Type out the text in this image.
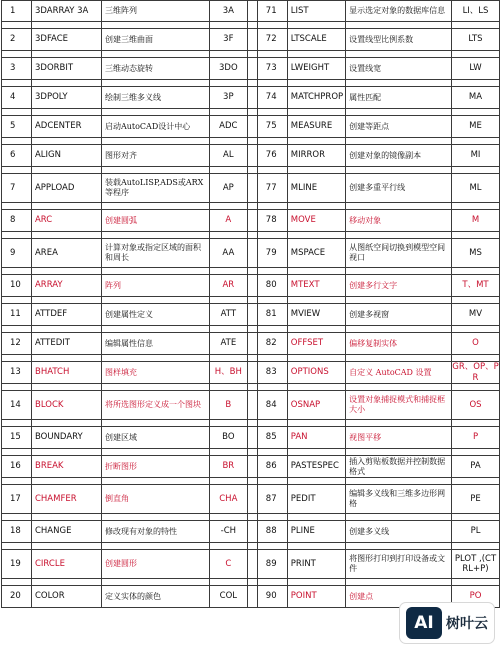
1	3DARRAY 3A	三维阵列	3A		71	LIST	显示选定对象的数据库信息	LI、LS

2	3DFACE	创建三维曲面	3F		72	LTSCALE	设置线型比例系数	LTS

3	3DORBIT	三维动态旋转	3DO		73	LWEIGHT	设置线宽	LW

4	3DPOLY	绘制三维多义线	3P		74	MATCHPROP	属性匹配	MA

5	ADCENTER	启动AutoCAD设计中心	ADC		75	MEASURE	创建等距点	ME

6	ALIGN	图形对齐	AL		76	MIRROR	创建对象的镜像副本	MI

7	APPLOAD	装载AutoLISP,ADS或ARX等程序	AP		77	MLINE	创建多重平行线	ML

8	ARC	创建圆弧	A		78	MOVE	移动对象	M

9	AREA	计算对象或指定区域的面积和周长	AA		79	MSPACE	从图纸空间切换到模型空间视口	MS

10	ARRAY	阵列	AR		80	MTEXT	创建多行文字	T、MT

11	ATTDEF	创建属性定义	ATT		81	MVIEW	创建多视窗	MV

12	ATTEDIT	编辑属性信息	ATE		82	OFFSET	偏移复制实体	O

13	BHATCH	图样填充	H、BH		83	OPTIONS	自定义 AutoCAD 设置	GR、OP、PR

14	BLOCK	将所选图形定义成一个图块	B		84	OSNAP	设置对象捕捉模式和捕捉框大小	OS

15	BOUNDARY	创建区域	BO		85	PAN	视图平移	P

16	BREAK	折断图形	BR		86	PASTESPEC	插入剪贴板数据并控制数据格式	PA

17	CHAMFER	倒直角	CHA		87	PEDIT	编辑多义线和三维多边形网格	PE

18	CHANGE	修改现有对象的特性	-CH		88	PLINE	创建多义线	PL

19	CIRCLE	创建圆形	C		89	PRINT	将图形打印到打印设备或文件	PLOT ,(CTRL+P)

20	COLOR	定义实体的颜色	COL		90	POINT	创建点	PO
AI 树叶云
